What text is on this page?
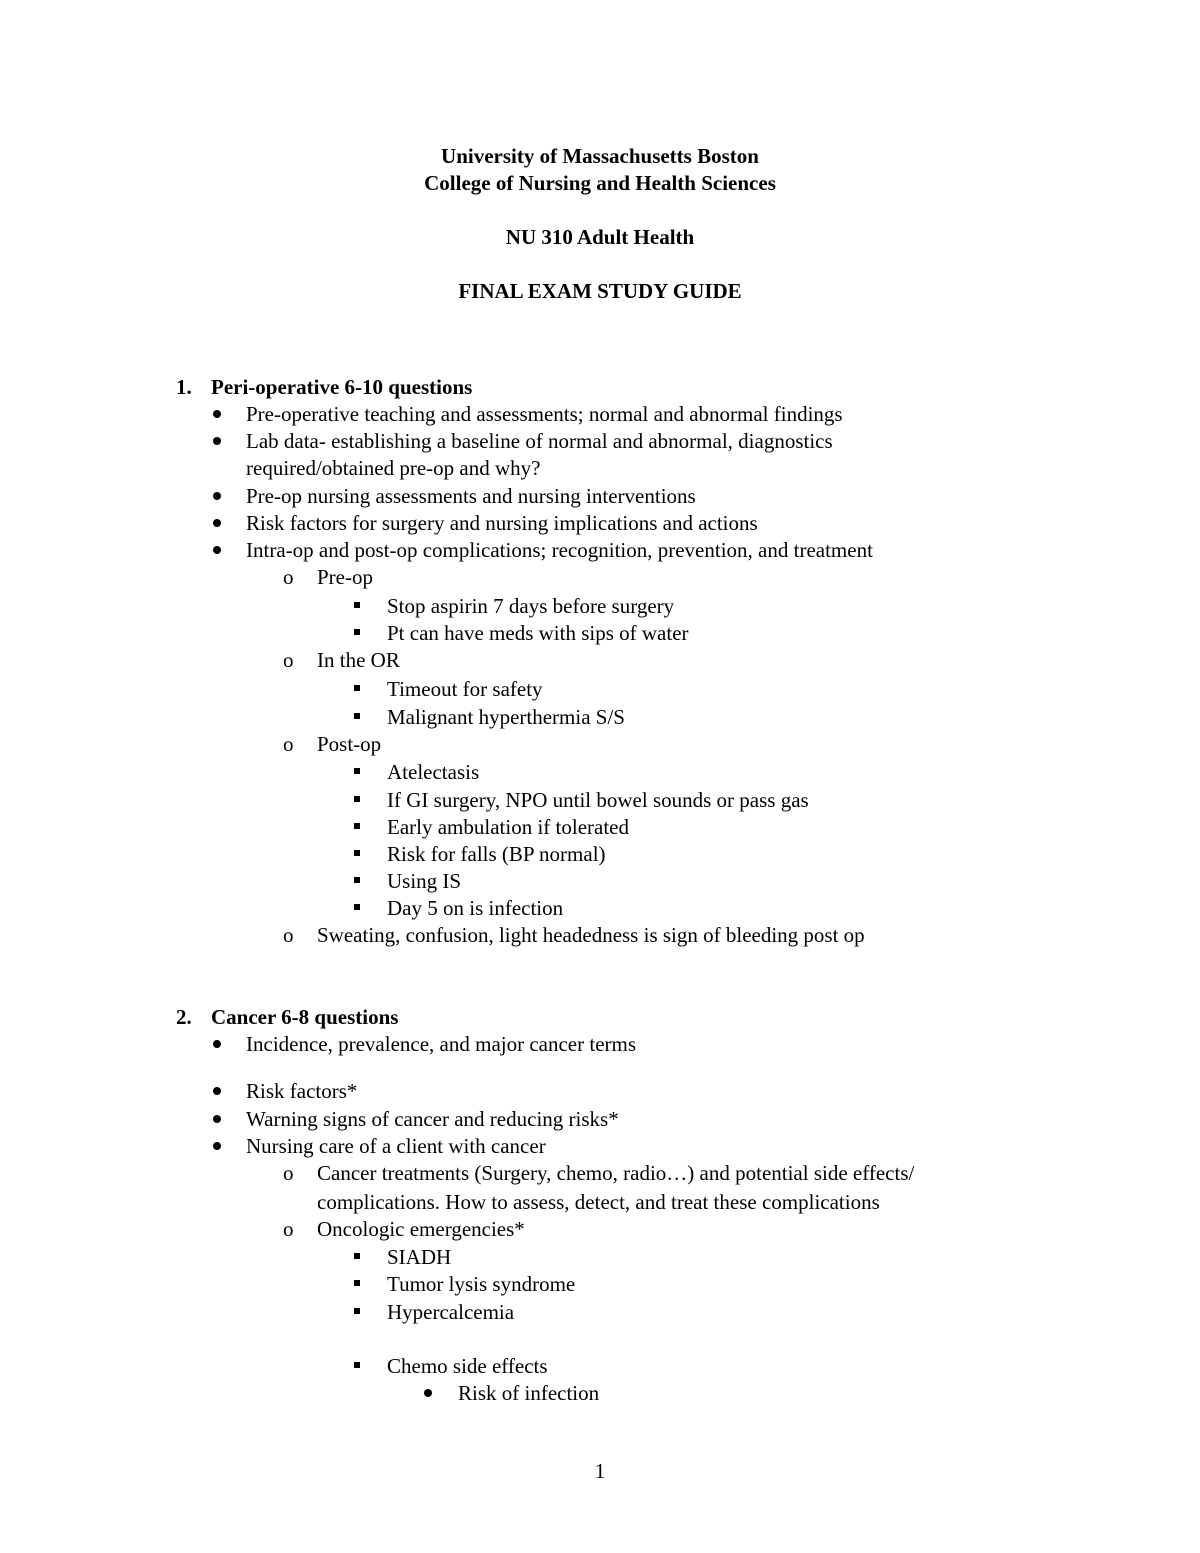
University of Massachusetts Boston
College of Nursing and Health Sciences
NU 310 Adult Health
FINAL EXAM STUDY GUIDE
1. Peri-operative 6-10 questions
Pre-operative teaching and assessments; normal and abnormal findings
Lab data- establishing a baseline of normal and abnormal, diagnostics
required/obtained pre-op and why?
Pre-op nursing assessments and nursing interventions
Risk factors for surgery and nursing implications and actions
Intra-op and post-op complications; recognition, prevention, and treatment
o Pre-op
Stop aspirin 7 days before surgery
Pt can have meds with sips of water
o In the OR
Timeout for safety
Malignant hyperthermia S/S
o Post-op
Atelectasis
If GI surgery, NPO until bowel sounds or pass gas
Early ambulation if tolerated
Risk for falls (BP normal)
Using IS
Day 5 on is infection
o Sweating, confusion, light headedness is sign of bleeding post op
2. Cancer 6-8 questions
Incidence, prevalence, and major cancer terms
Risk factors*
Warning signs of cancer and reducing risks*
Nursing care of a client with cancer
o Cancer treatments (Surgery, chemo, radio…) and potential side effects/
complications. How to assess, detect, and treat these complications
o Oncologic emergencies*
SIADH
Tumor lysis syndrome
Hypercalcemia
Chemo side effects
Risk of infection
1
